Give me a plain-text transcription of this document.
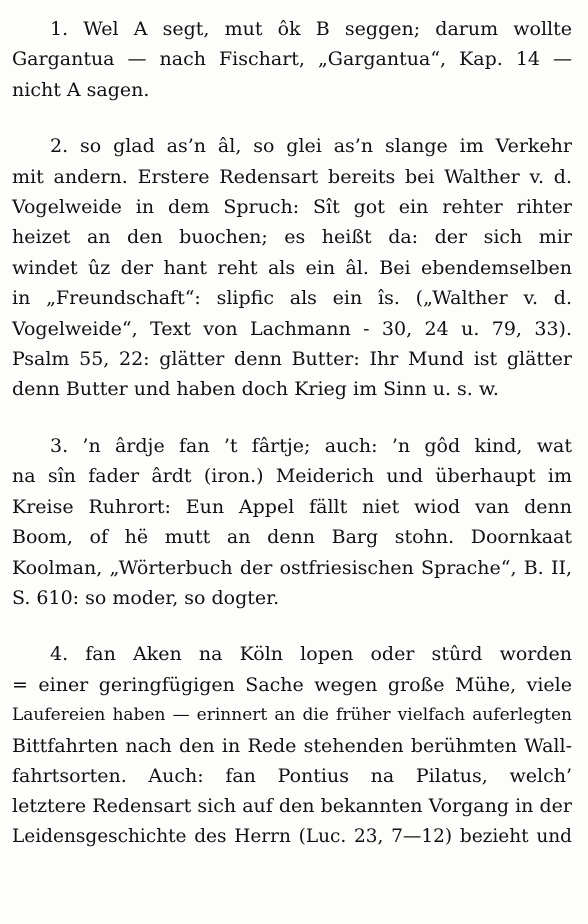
1. Wel A segt, mut ôk B seggen; darum wollte
Gargantua — nach Fischart, „Gargantua“, Kap. 14 —
nicht A sagen.
2. so glad as’n âl, so glei as’n slange im Verkehr
mit andern. Erstere Redensart bereits bei Walther v. d.
Vogelweide in dem Spruch: Sît got ein rehter rihter
heizet an den buochen; es heißt da: der sich mir
windet ûz der hant reht als ein âl. Bei ebendemselben
in „Freundschaft“: slipfic als ein îs. („Walther v. d.
Vogelweide“, Text von Lachmann - 30, 24 u. 79, 33).
Psalm 55, 22: glätter denn Butter: Ihr Mund ist glätter
denn Butter und haben doch Krieg im Sinn u. s. w.
3. ’n ârdje fan ’t fârtje; auch: ’n gôd kind, wat
na sîn fader ârdt (iron.) Meiderich und überhaupt im
Kreise Ruhrort: Eun Appel fällt niet wiod van denn
Boom, of hë mutt an denn Barg stohn. Doornkaat
Koolman, „Wörterbuch der ostfriesischen Sprache“, B. II,
S. 610: so moder, so dogter.
4. fan Aken na Köln lopen oder stûrd worden
= einer geringfügigen Sache wegen große Mühe, viele
Laufereien haben — erinnert an die früher vielfach auferlegten
Bittfahrten nach den in Rede stehenden berühmten Wall-
fahrtsorten. Auch: fan Pontius na Pilatus, welch’
letztere Redensart sich auf den bekannten Vorgang in der
Leidensgeschichte des Herrn (Luc. 23, 7—12) bezieht und
